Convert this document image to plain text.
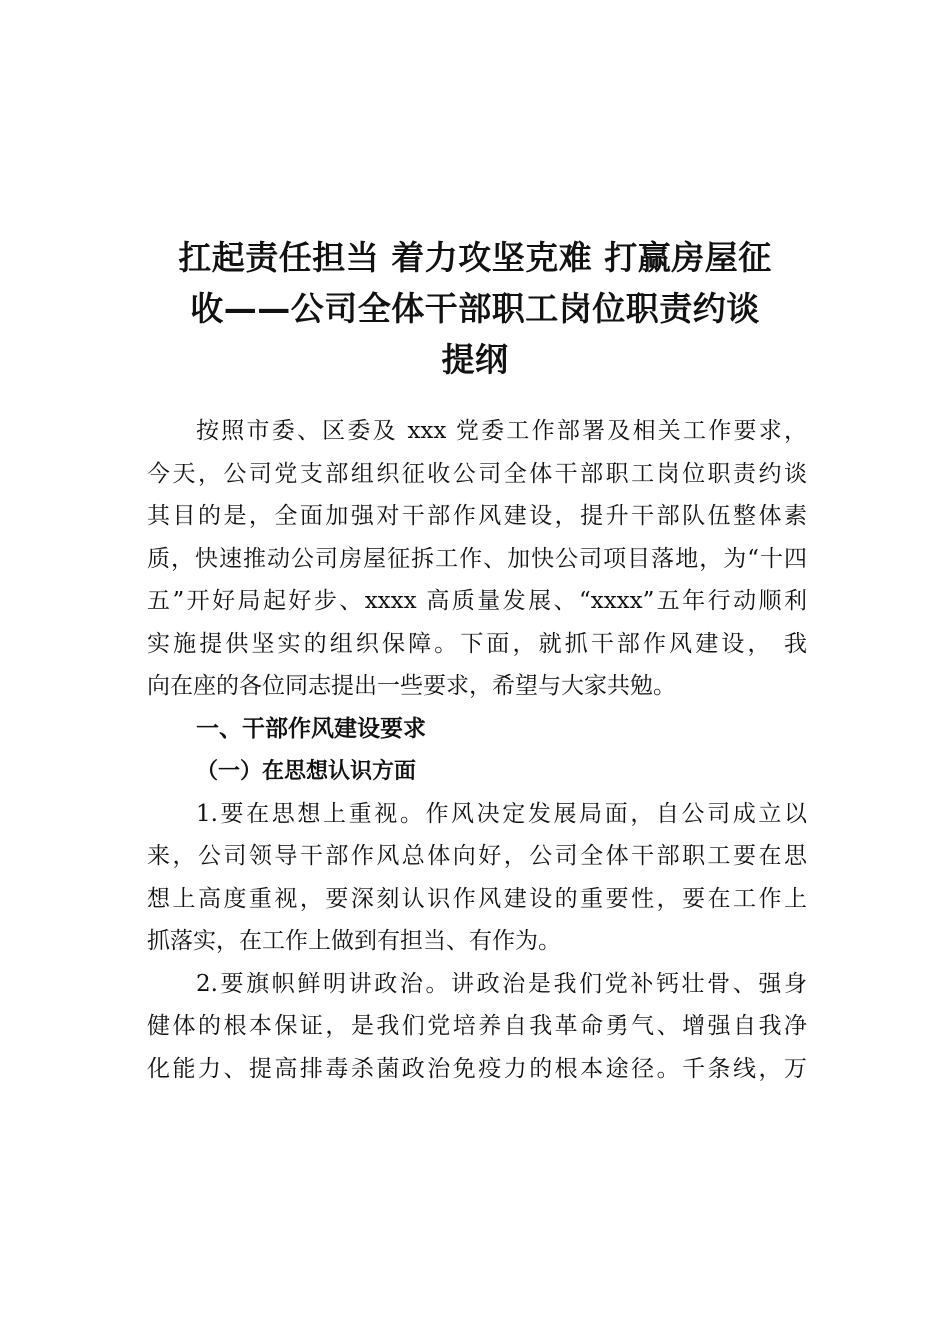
扛起责任担当 着力攻坚克难 打赢房屋征
收——公司全体干部职工岗位职责约谈
提纲
按照市委、区委及 xxx 党委工作部署及相关工作要求，
今天，公司党支部组织征收公司全体干部职工岗位职责约谈
其目的是，全面加强对干部作风建设，提升干部队伍整体素
质，快速推动公司房屋征拆工作、加快公司项目落地，为“十四
五”开好局起好步、xxxx 高质量发展、“xxxx”五年行动顺利
实施提供坚实的组织保障。下面，就抓干部作风建设， 我
向在座的各位同志提出一些要求，希望与大家共勉。
一、干部作风建设要求
（一）在思想认识方面
1.要在思想上重视。作风决定发展局面，自公司成立以
来，公司领导干部作风总体向好，公司全体干部职工要在思
想上高度重视，要深刻认识作风建设的重要性，要在工作上
抓落实，在工作上做到有担当、有作为。
2.要旗帜鲜明讲政治。讲政治是我们党补钙壮骨、强身
健体的根本保证，是我们党培养自我革命勇气、增强自我净
化能力、提高排毒杀菌政治免疫力的根本途径。千条线，万
